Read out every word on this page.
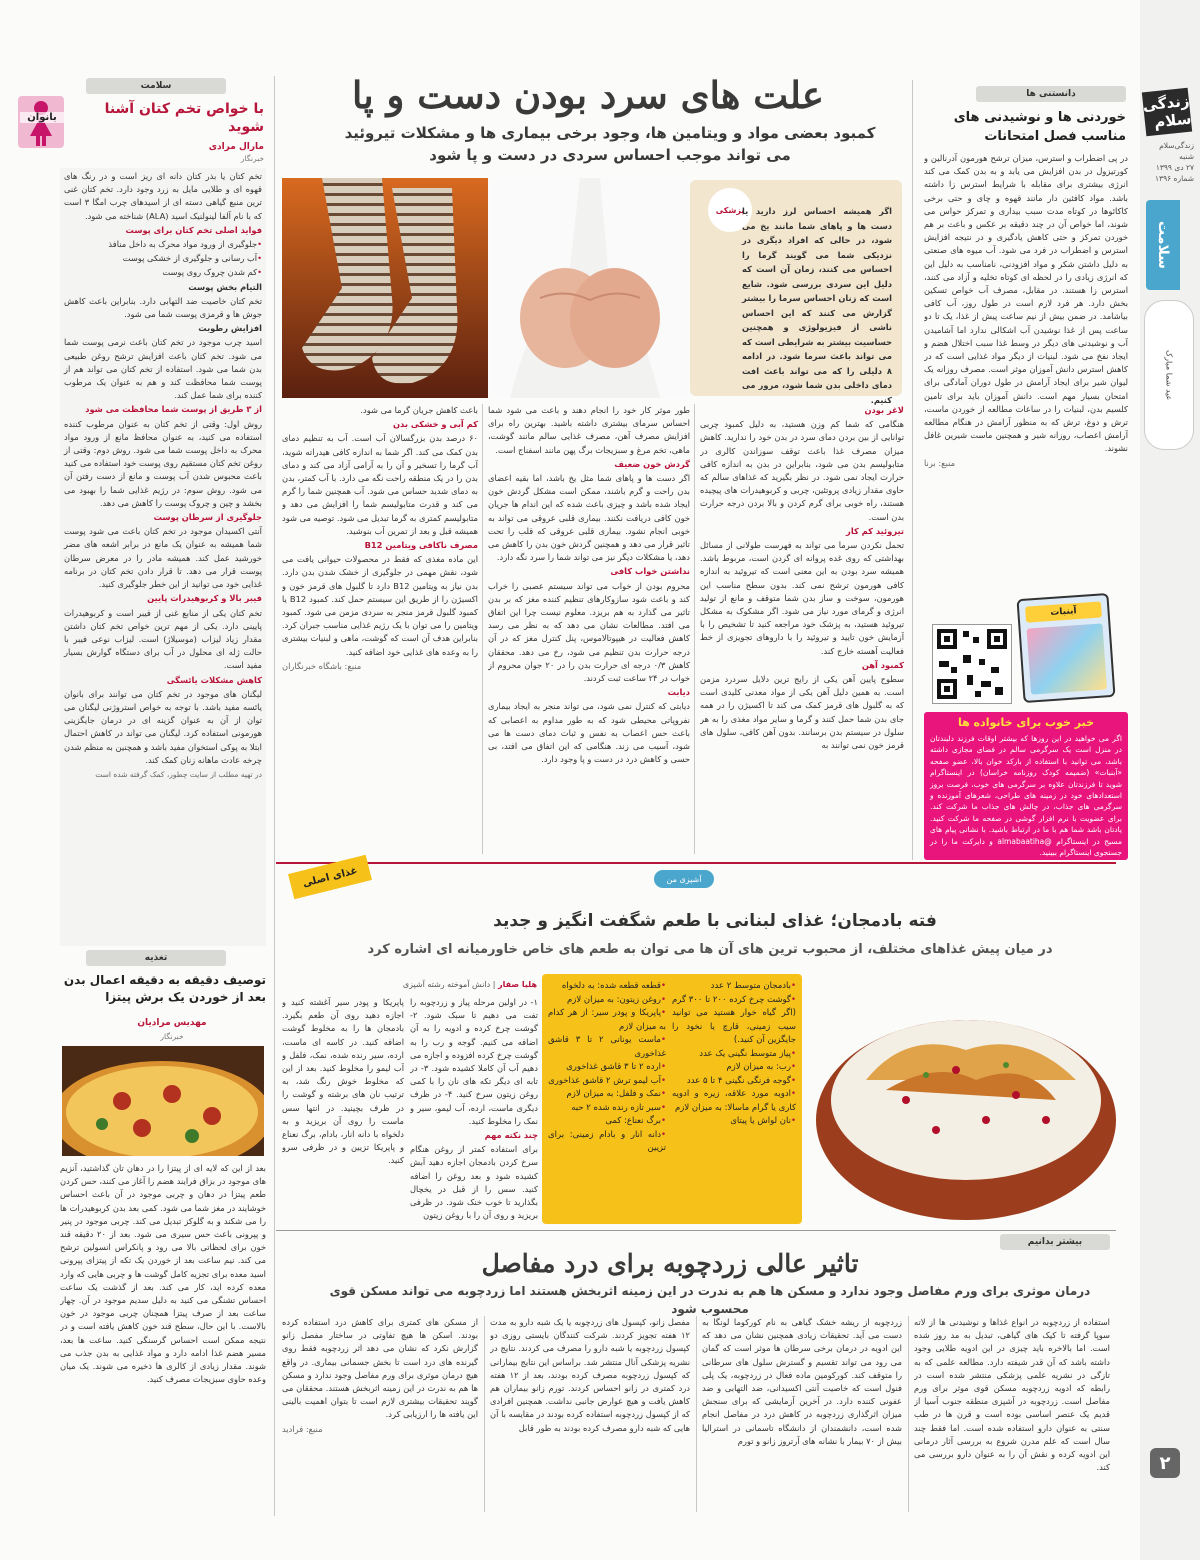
زندگی سلام
زندگی‌سلام
شنبه
۲۷ دی ۱۳۹۹
شماره ۱۳۹۶
سلامت
عید شما مبارک
۲
دانستنی ها
خوردنی ها و نوشیدنی های مناسب فصل امتحانات

در پی اضطراب و استرس، میزان ترشح هورمون آدرنالین و کورتیزول در بدن افزایش می یابد و به بدن کمک می کند انرژی بیشتری برای مقابله با شرایط استرس زا داشته باشد. مواد کافئین دار مانند قهوه و چای و حتی برخی کاکائوها در کوتاه مدت سبب بیداری و تمرکز حواس می شوند، اما خواص آن در چند دقیقه بر عکس و باعث بر هم خوردن تمرکز و حتی کاهش یادگیری و در نتیجه افزایش استرس و اضطراب در فرد می شود. آب میوه های صنعتی به دلیل داشتن شکر و مواد افزودنی، نامناسب به دلیل این که انرژی زیادی را در لحظه ای کوتاه تخلیه و آزاد می کنند، استرس زا هستند. در مقابل، مصرف آب خواص تسکین بخش دارد. هر فرد لازم است در طول روز، آب کافی بیاشامد. در ضمن بیش از نیم ساعت پیش از غذا، یک تا دو ساعت پس از غذا نوشیدن آب اشکالی ندارد اما آشامیدن آب و نوشیدنی های دیگر در وسط غذا سبب اختلال هضم و ایجاد نفخ می شود. لبنیات از دیگر مواد غذایی است که در کاهش استرس دانش آموزان موثر است. مصرف روزانه یک لیوان شیر برای ایجاد آرامش در طول دوران آمادگی برای امتحان بسیار مهم است. دانش آموزان باید برای تامین کلسیم بدن، لبنیات را در ساعات مطالعه از خوردن ماست، ترش و دوغ، ترش که به منظور آرامش در هنگام مطالعه آرامش اعصاب، روزانه شیر و همچنین ماست شیرین غافل نشوند.

منبع: برنا

آبنبات
خبر خوب برای خانواده ها
اگر می خواهید در این روزها که بیشتر اوقات فرزند دلبندتان در منزل است یک سرگرمی سالم در فضای مجازی داشته باشد، می توانید با استفاده از بارکد خوان بالا، عضو صفحه «آبنبات» (ضمیمه کودک روزنامه خراسان) در اینستاگرام شوید تا فرزندتان علاوه بر سرگرمی های خوب، فرصت بروز استعدادهای خود در زمینه های طراحی، شعرهای آموزنده و سرگرمی های جذاب، در چالش های جذاب ما شرکت کند. برای عضویت با نرم افزار گوشی در صفحه ما شرکت کنید. یادتان باشد شما هم با ما در ارتباط باشید. با نشانی پیام های مسیج در اینستاگرام @almabaatiha و دایرکت ما را در جستجوی اینستاگرام ببینید.
علت های سرد بودن دست و پا
کمبود بعضی مواد و ویتامین ها، وجود برخی بیماری ها و مشکلات تیروئید
می تواند موجب احساس سردی در دست و پا شود
پزشکی
اگر همیشه احساس لرز دارید یا دست ها و پاهای شما مانند یخ می شود، در حالی که افراد دیگری در نزدیکی شما می گویند گرما را احساس می کنند، زمان آن است که دلیل این سردی بررسی شود. شایع است که زنان احساس سرما را بیشتر گزارش می کنند که این احساس ناشی از فیزیولوژی و همچنین حساسیت بیشتر به شرایطی است که می تواند باعث سرما شود. در ادامه ۸ دلیلی را که می تواند باعث افت دمای داخلی بدن شما شود، مرور می کنیم.

لاغر بودن

هنگامی که شما کم وزن هستید، به دلیل کمبود چربی توانایی از بین بردن دمای سرد در بدن خود را ندارید. کاهش میزان مصرف غذا باعث توقف سوزاندن کالری در متابولیسم بدن می شود، بنابراین در بدن به اندازه کافی حرارت ایجاد نمی شود. در نظر بگیرید که غذاهای سالم که حاوی مقدار زیادی پروتئین، چربی و کربوهیدرات های پیچیده هستند، راه خوبی برای گرم کردن و بالا بردن درجه حرارت بدن است.

تیروئید کم کار

تحمل نکردن سرما می تواند به فهرست طولانی از مسائل بهداشتی که روی غده پروانه ای گردن است، مربوط باشد. همیشه سرد بودن به این معنی است که تیروئید به اندازه کافی هورمون ترشح نمی کند. بدون سطح مناسب این هورمون، سوخت و ساز بدن شما متوقف و مانع از تولید انرژی و گرمای مورد نیاز می شود. اگر مشکوک به مشکل تیروئید هستید، به پزشک خود مراجعه کنید تا تشخیص را با آزمایش خون تایید و تیروئید را با داروهای تجویزی از خط فعالیت آهسته خارج کند.

کمبود آهن

سطوح پایین آهن یکی از رایج ترین دلایل سردرد مزمن است. به همین دلیل آهن یکی از مواد معدنی کلیدی است که به گلبول های قرمز کمک می کند تا اکسیژن را در همه جای بدن شما حمل کنند و گرما و سایر مواد مغذی را به هر سلول در سیستم بدن برسانند. بدون آهن کافی، سلول های قرمز خون نمی توانند به

طور موثر کار خود را انجام دهند و باعث می شود شما احساس سرمای بیشتری داشته باشید. بهترین راه برای افزایش مصرف آهن، مصرف غذایی سالم مانند گوشت، ماهی، تخم مرغ و سبزیجات برگ پهن مانند اسفناج است.

گردش خون ضعیف

اگر دست ها و پاهای شما مثل یخ باشد، اما بقیه اعضای بدن راحت و گرم باشند، ممکن است مشکل گردش خون ایجاد شده باشد و چیزی باعث شده که این اندام ها جریان خون کافی دریافت نکنند. بیماری قلبی عروقی می تواند به خوبی انجام نشود. بیماری قلبی عروقی که قلب را تحت تاثیر قرار می دهد و همچنین گردش خون بدن را کاهش می دهد، یا مشکلات دیگر نیز می تواند شما را سرد نگه دارد.

نداشتن خواب کافی

محروم بودن از خواب می تواند سیستم عصبی را خراب کند و باعث شود سازوکارهای تنظیم کننده مغز که بر بدن تاثیر می گذارد به هم بریزد. معلوم نیست چرا این اتفاق می افتد. مطالعات نشان می دهد که به نظر می رسد کاهش فعالیت در هیپوتالاموس، پنل کنترل مغز که در آن درجه حرارت بدن تنظیم می شود، رخ می دهد. محققان کاهش ۰/۳ درجه ای حرارت بدن را در ۲۰ جوان محروم از خواب در ۲۴ ساعت ثبت کردند.

دیابت

دیابتی که کنترل نمی شود، می تواند منجر به ایجاد بیماری نفروپاتی محیطی شود که به طور مداوم به اعصابی که باعث حس اعصاب به نفس و ثبات دمای دست ها می شود، آسیب می زند. هنگامی که این اتفاق می افتد، بی حسی و کاهش درد در دست و پا وجود دارد.

باعث کاهش جریان گرما می شود.

کم آبی و خشکی بدن

۶۰ درصد بدن بزرگسالان آب است. آب به تنظیم دمای بدن کمک می کند. اگر شما به اندازه کافی هیدراته شوید، آب گرما را تسخیر و آن را به آرامی آزاد می کند و دمای بدن را در یک منطقه راحت نگه می دارد. با آب کمتر، بدن به دمای شدید حساس می شود. آب همچنین شما را گرم می کند و قدرت متابولیسم شما را افزایش می دهد و متابولیسم کمتری به گرما تبدیل می شود. توصیه می شود همیشه قبل و بعد از تمرین آب بنوشید.

مصرف ناکافی ویتامین B12

این ماده مغذی که فقط در محصولات حیوانی یافت می شود، نقش مهمی در جلوگیری از خشک شدن بدن دارد. بدن نیاز به ویتامین B12 دارد تا گلبول های قرمز خون و اکسیژن را از طریق این سیستم حمل کند. کمبود B12 یا کمبود گلبول قرمز منجر به سردی مزمن می شود. کمبود ویتامین را می توان با یک رژیم غذایی مناسب جبران کرد. بنابراین هدف آن است که گوشت، ماهی و لبنیات بیشتری را به وعده های غذایی خود اضافه کنید.

منبع: باشگاه خبرنگاران

سلامت
بانوان
با خواص تخم کتان آشنا شوید
مارال مرادی
خبرنگار

تخم کتان یا بذر کتان دانه ای ریز است و در رنگ های قهوه ای و طلایی مایل به زرد وجود دارد. تخم کتان غنی ترین منبع گیاهی دسته ای از اسیدهای چرب امگا ۳ است که با نام آلفا لینولنیک اسید (ALA) شناخته می شود.

فواید اصلی تخم کتان برای پوست

• جلوگیری از ورود مواد محرک به داخل منافذ

• آب رسانی و جلوگیری از خشکی پوست

• کم شدن چروک روی پوست

التیام بخش پوست

تخم کتان خاصیت ضد التهابی دارد. بنابراین باعث کاهش جوش ها و قرمزی پوست شما می شود.

افزایش رطوبت

اسید چرب موجود در تخم کتان باعث نرمی پوست شما می شود. تخم کتان باعث افزایش ترشح روغن طبیعی بدن شما می شود. استفاده از تخم کتان می تواند هم از پوست شما محافظت کند و هم به عنوان یک مرطوب کننده برای شما عمل کند.

از ۳ طریق از پوست شما محافظت می شود

روش اول: وقتی از تخم کتان به عنوان مرطوب کننده استفاده می کنید، به عنوان محافظ مانع از ورود مواد محرک به داخل پوست شما می شود. روش دوم: وقتی از روغن تخم کتان مستقیم روی پوست خود استفاده می کنید باعث محبوس شدن آب پوست و مانع از دست رفتن آن می شود. روش سوم: در رژیم غذایی شما را بهبود می بخشد و چین و چروک پوست را کاهش می دهد.

جلوگیری از سرطان پوست

آنتی اکسیدان موجود در تخم کتان باعث می شود پوست شما همیشه به عنوان یک مانع در برابر اشعه های مضر خورشید عمل کند. همیشه مادر را در معرض سرطان پوست قرار می دهد. تا قرار دادن تخم کتان در برنامه غذایی خود می توانید از این خطر جلوگیری کنید.

فیبر بالا و کربوهیدرات پایین

تخم کتان یکی از منابع غنی از فیبر است و کربوهیدرات پایینی دارد. یکی از مهم ترین خواص تخم کتان داشتن مقدار زیاد لیزاب (موسیلاژ) است. لیزاب نوعی فیبر با حالت ژله ای محلول در آب برای دستگاه گوارش بسیار مفید است.

کاهش مشکلات یائسگی

لیگنان های موجود در تخم کتان می توانند برای بانوان یائسه مفید باشد. با توجه به خواص استروژنی لیگنان می توان از آن به عنوان گزینه ای در درمان جایگزینی هورمونی استفاده کرد. لیگنان می تواند در کاهش احتمال ابتلا به پوکی استخوان مفید باشد و همچنین به منظم شدن چرخه عادت ماهانه زنان کمک کند.

در تهیه مطلب از سایت چطور، کمک گرفته شده است

تغذیه
توصیف دقیقه به دقیقه اعمال بدن بعد از خوردن یک برش پیتزا
مهدیس مرادیان
خبرنگار

بعد از این که لایه ای از پیتزا را در دهان تان گذاشتید، آنزیم های موجود در بزاق فرایند هضم را آغاز می کنند، حس کردن طعم پیتزا در دهان و چربی موجود در آن باعث احساس خوشایند در مغز شما می شود. کمی بعد بدن کربوهیدرات ها را می شکند و به گلوکز تبدیل می کند. چربی موجود در پنیر و پپرونی باعث حس سیری می شود. بعد از ۲۰ دقیقه قند خون برای لحظاتی بالا می رود و پانکراس انسولین ترشح می کند. نیم ساعت بعد از خوردن یک تکه از پیتزای پپرونی اسید معده برای تجزیه کامل گوشت ها و چربی هایی که وارد معده کرده اید، کار می کند. بعد از گذشت یک ساعت احساس تشنگی می کنید به دلیل سدیم موجود در آن. چهار ساعت بعد از صرف پیتزا همچنان چربی موجود در خون بالاست. با این حال، سطح قند خون کاهش یافته است و در نتیجه ممکن است احساس گرسنگی کنید. ساعت ها بعد، مسیر هضم غذا ادامه دارد و مواد غذایی به بدن جذب می شوند. مقدار زیادی از کالری ها ذخیره می شوند. یک میان وعده حاوی سبزیجات مصرف کنید.

آشپزی من
غذای اصلی
فته بادمجان؛ غذای لبنانی با طعم شگفت انگیز و جدید
در میان پیش غذاهای مختلف، از محبوب ترین های آن ها می توان به طعم های خاص خاورمیانه ای اشاره کرد
• بادمجان متوسط ۲ عدد
• گوشت چرخ کرده ۲۰۰ تا ۳۰۰ گرم (اگر گیاه خوار هستید می توانید سیب زمینی، قارچ یا نخود را جایگزین آن کنید.)
• پیاز متوسط نگینی یک عدد
• رب: به میزان لازم
• گوجه فرنگی نگینی ۴ تا ۵ عدد
• ادویه مورد علاقه، زیره و ادویه کاری یا گرام ماسالا: به میزان لازم
• نان لواش یا پیتای
• قطعه قطعه شده: به دلخواه
• روغن زیتون: به میزان لازم
• پاپریکا و پودر سیر: از هر کدام به میزان لازم
• ماست یونانی ۲ تا ۳ قاشق غذاخوری
• ارده ۲ تا ۳ قاشق غذاخوری
• آب لیمو ترش ۲ قاشق غذاخوری
• نمک و فلفل: به میزان لازم
• سیر تازه رنده شده ۲ حبه
• برگ نعناع: کمی
• دانه انار و بادام زمینی: برای تزیین
هلیا صفار | دانش آموخته رشته آشپزی

۱- در اولین مرحله پیاز و زردچوبه را تفت می دهیم تا سبک شود. ۲- گوشت چرخ کرده و ادویه را به آن اضافه می کنیم. گوجه و رب را به گوشت چرخ کرده افزوده و اجازه می دهیم آب آن کاملا کشیده شود. ۳- در تابه ای دیگر تکه های نان را با کمی روغن زیتون سرخ کنید. ۴- در ظرف دیگری ماست، ارده، آب لیمو، سیر و نمک را مخلوط کنید.

چند نکته مهم

برای استفاده کمتر از روغن هنگام سرخ کردن بادمجان اجازه دهید آبش کشیده شود و بعد روغن را اضافه کنید. سس را از قبل در یخچال بگذارید تا خوب خنک شود. در ظرفی بریزید و روی آن را با روغن زیتون

پاپریکا و پودر سیر آغشته کنید و اجازه دهید روی آن طعم بگیرد. بادمجان ها را به مخلوط گوشت اضافه کنید. در کاسه ای ماست، ارده، سیر رنده شده، نمک، فلفل و آب لیمو را مخلوط کنید. بعد از این که مخلوط خوش رنگ شد، به ترتیب نان های برشته و گوشت را در ظرف بچینید. در انتها سس ماست را روی آن بریزید و به دلخواه با دانه انار، بادام، برگ نعناع و پاپریکا تزیین و در ظرفی سرو کنید.

بیشتر بدانیم
تاثیر عالی زردچوبه برای درد مفاصل
درمان موثری برای ورم مفاصل وجود ندارد و مسکن ها هم به ندرت در این زمینه اثربخش هستند اما زردچوبه می تواند مسکن قوی محسوب شود

استفاده از زردچوبه در انواع غذاها و نوشیدنی ها از لاته سوپا گرفته تا کیک های گیاهی، تبدیل به مد روز شده است. اما بالاخره باید چیزی در این ادویه طلایی وجود داشته باشد که آن قدر شیفته دارد. مطالعه علمی که به تازگی در نشریه علمی پزشکی منتشر شده است در رابطه که ادویه زردچوبه مسکن قوی موثر برای ورم مفاصل است. زردچوبه در آشپزی منطقه جنوب آسیا از قدیم یک عنصر اساسی بوده است و قرن ها در طب سنتی به عنوان دارو استفاده شده است. اما فقط چند سال است که علم مدرن شروع به بررسی آثار درمانی این ادویه کرده و نقش آن را به عنوان دارو بررسی می کند.

زردچوبه از ریشه خشک گیاهی به نام کورکوما لونگا به دست می آید. تحقیقات زیادی همچنین نشان می دهد که این ادویه در درمان برخی سرطان ها موثر است که گمان می رود می تواند تقسیم و گسترش سلول های سرطانی را متوقف کند. کورکومین ماده فعال در زردچوبه، یک پلی فنول است که خاصیت آنتی اکسیدانی، ضد التهابی و ضد عفونی کننده دارد. در آخرین آزمایشی که برای سنجش میزان اثرگذاری زردچوبه در کاهش درد در مفاصل انجام شده است، دانشمندان از دانشگاه تاسمانی در استرالیا بیش از ۷۰ بیمار با نشانه های آرتروز زانو و تورم

مفصل زانو، کپسول های زردچوبه یا یک شبه دارو به مدت ۱۲ هفته تجویز کردند. شرکت کنندگان بایستی روزی دو کپسول زردچوبه یا شبه دارو را مصرف می کردند. نتایج در نشریه پزشکی آنال منتشر شد. براساس این نتایج بیمارانی که کپسول زردچوبه مصرف کرده بودند، بعد از ۱۲ هفته درد کمتری در زانو احساس کردند. تورم زانو بیماران هم کاهش یافت و هیچ عوارض جانبی نداشت. همچنین افرادی که از کپسول زردچوبه استفاده کرده بودند در مقایسه با آن هایی که شبه دارو مصرف کرده بودند به طور قابل

از مسکن های کمتری برای کاهش درد استفاده کرده بودند. اسکن ها هیچ تفاوتی در ساختار مفصل زانو گزارش نکرد که نشان می دهد اثر زردچوبه فقط روی گیرنده های درد است تا بخش جسمانی بیماری. در واقع هیچ درمان موثری برای ورم مفاصل وجود ندارد و مسکن ها هم به ندرت در این زمینه اثربخش هستند. محققان می گویند تحقیقات بیشتری لازم است تا بتوان اهمیت بالینی این یافته ها را ارزیابی کرد.

منبع: فرادید
